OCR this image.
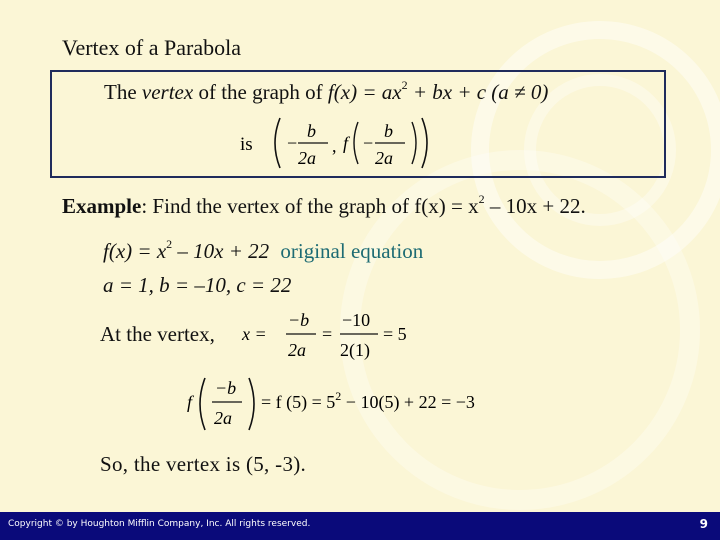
Vertex of a Parabola
The vertex of the graph of $f(x) = ax^2$ + bx + c (a ≠ 0)
is −
b
2a
, f −
b
2a
Example: Find the vertex of the graph of $f(x) = x^2 - 10x + 22$.
$f(x) = x^2 - 10x + 22$ original equation
a = 1, b = –10, c = 22
At the vertex, x =
−b
2a
=
−10
2(1)
= 5
f
−b
2a
= f $(5) = 5^2 - 10(5) + 22 = -3$
So, the vertex is (5, -3).
Copyright © by Houghton Mifflin Company, Inc. All rights reserved.	9
